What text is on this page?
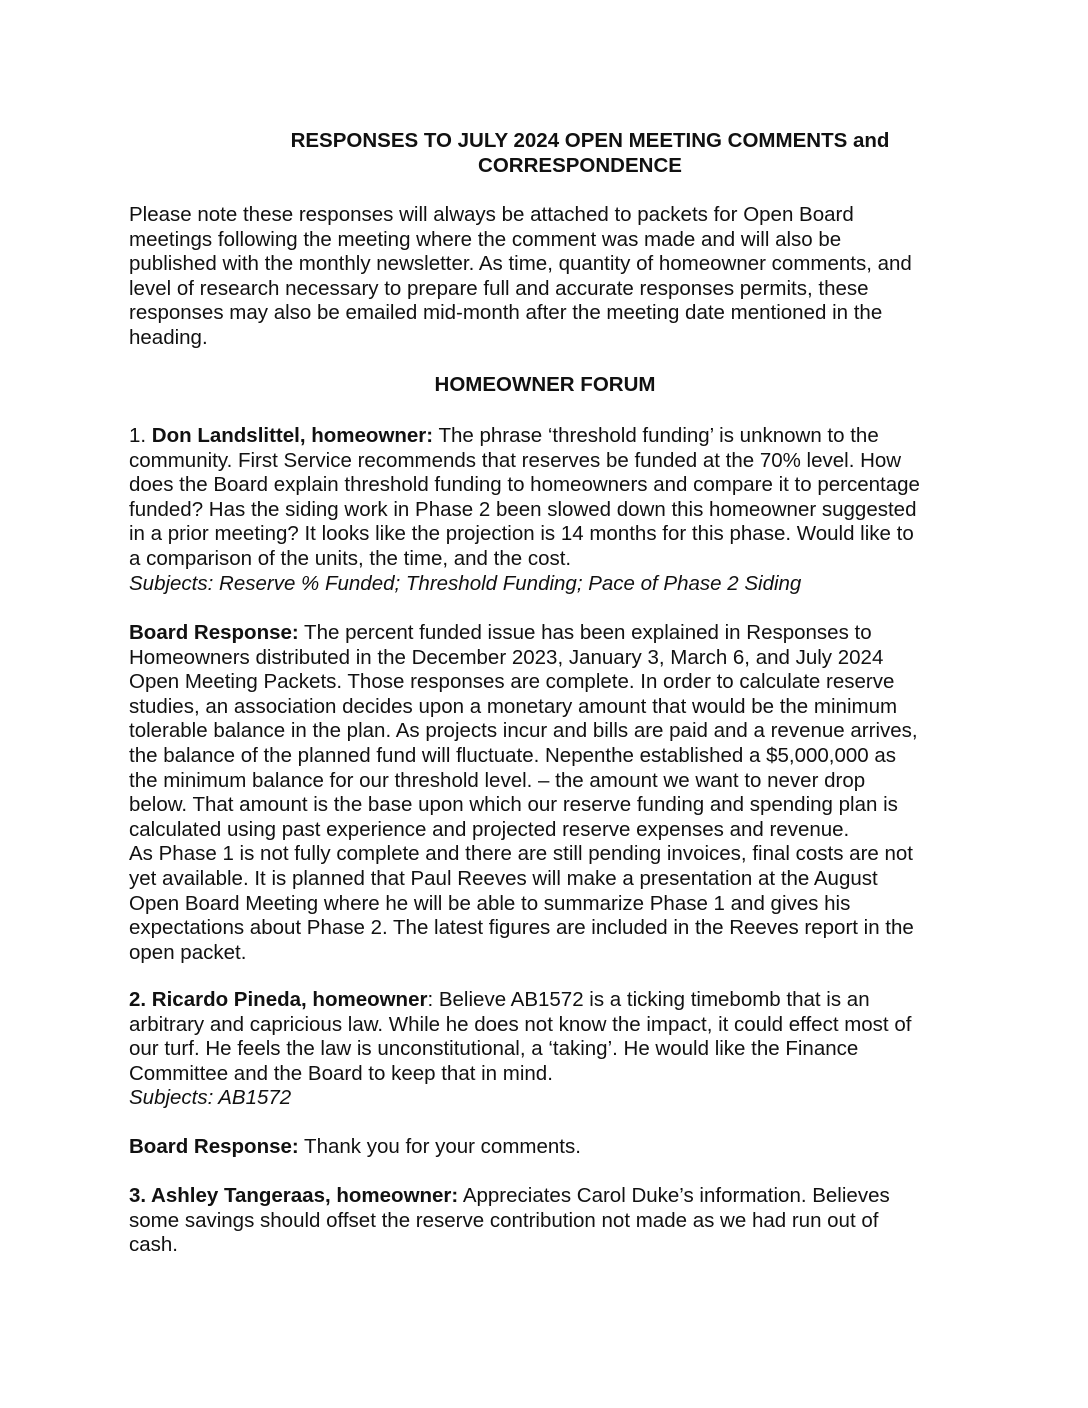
RESPONSES TO JULY 2024 OPEN MEETING COMMENTS and
CORRESPONDENCE

Please note these responses will always be attached to packets for Open Board
meetings following the meeting where the comment was made and will also be
published with the monthly newsletter. As time, quantity of homeowner comments, and
level of research necessary to prepare full and accurate responses permits, these
responses may also be emailed mid-month after the meeting date mentioned in the
heading.

HOMEOWNER FORUM

1. Don Landslittel, homeowner: The phrase ‘threshold funding’ is unknown to the
community. First Service recommends that reserves be funded at the 70% level. How
does the Board explain threshold funding to homeowners and compare it to percentage
funded? Has the siding work in Phase 2 been slowed down this homeowner suggested
in a prior meeting? It looks like the projection is 14 months for this phase. Would like to
a comparison of the units, the time, and the cost.
Subjects: Reserve % Funded; Threshold Funding; Pace of Phase 2 Siding

Board Response: The percent funded issue has been explained in Responses to
Homeowners distributed in the December 2023, January 3, March 6, and July 2024
Open Meeting Packets. Those responses are complete. In order to calculate reserve
studies, an association decides upon a monetary amount that would be the minimum
tolerable balance in the plan. As projects incur and bills are paid and a revenue arrives,
the balance of the planned fund will fluctuate. Nepenthe established a $5,000,000 as
the minimum balance for our threshold level. – the amount we want to never drop
below. That amount is the base upon which our reserve funding and spending plan is
calculated using past experience and projected reserve expenses and revenue.
As Phase 1 is not fully complete and there are still pending invoices, final costs are not
yet available. It is planned that Paul Reeves will make a presentation at the August
Open Board Meeting where he will be able to summarize Phase 1 and gives his
expectations about Phase 2. The latest figures are included in the Reeves report in the
open packet.

2. Ricardo Pineda, homeowner: Believe AB1572 is a ticking timebomb that is an
arbitrary and capricious law. While he does not know the impact, it could effect most of
our turf. He feels the law is unconstitutional, a ‘taking’. He would like the Finance
Committee and the Board to keep that in mind.
Subjects: AB1572

Board Response: Thank you for your comments.

3. Ashley Tangeraas, homeowner: Appreciates Carol Duke’s information. Believes
some savings should offset the reserve contribution not made as we had run out of
cash.
